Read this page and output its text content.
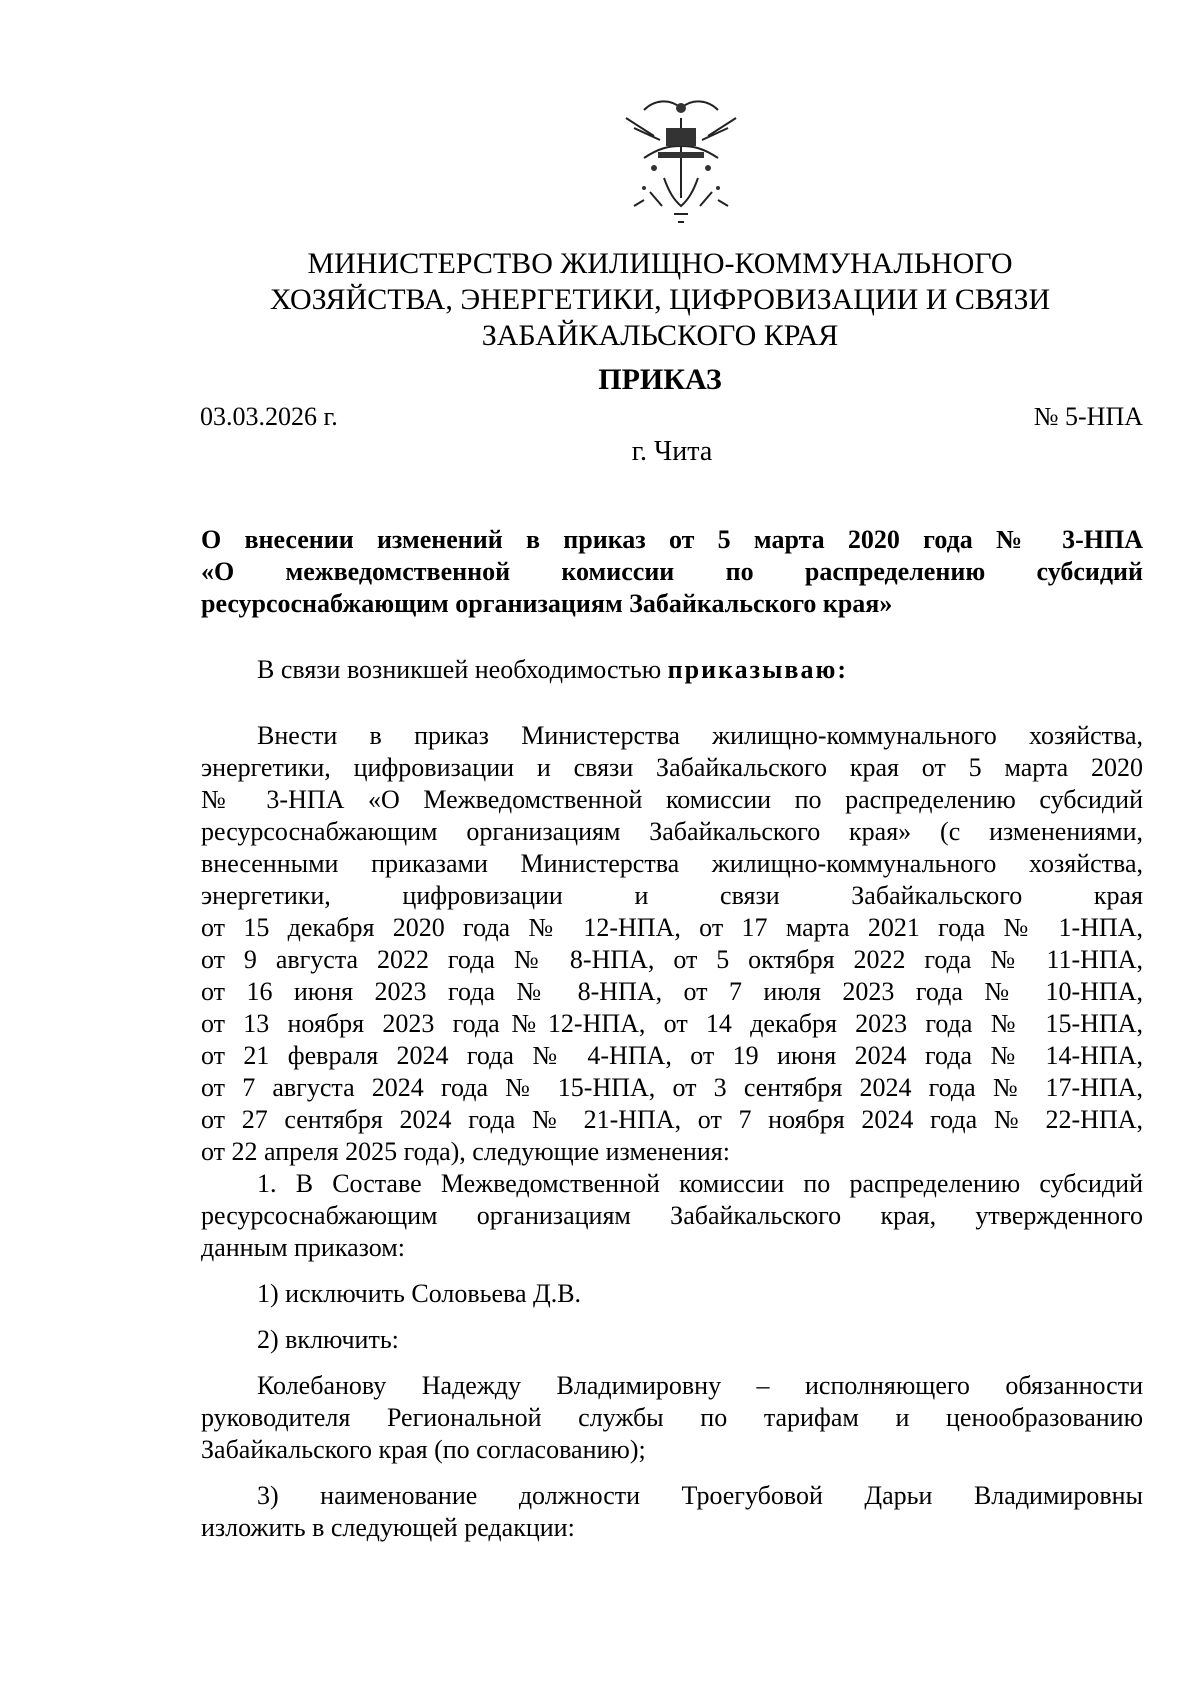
МИНИСТЕРСТВО ЖИЛИЩНО-КОММУНАЛЬНОГО
ХОЗЯЙСТВА, ЭНЕРГЕТИКИ, ЦИФРОВИЗАЦИИ И СВЯЗИ
ЗАБАЙКАЛЬСКОГО КРАЯ
ПРИКАЗ
03.03.2026 г.	№ 5-НПА
г. Чита
О внесении изменений в приказ от 5 марта 2020 года № 3-НПА
«О межведомственной комиссии по распределению субсидий
ресурсоснабжающим организациям Забайкальского края»
В связи возникшей необходимостью приказываю:
Внести в приказ Министерства жилищно-коммунального хозяйства,
энергетики, цифровизации и связи Забайкальского края от 5 марта 2020
№ 3-НПА «О Межведомственной комиссии по распределению субсидий
ресурсоснабжающим организациям Забайкальского края» (с изменениями,
внесенными приказами Министерства жилищно-коммунального хозяйства,
энергетики, цифровизации и связи Забайкальского края
от 15 декабря 2020 года № 12-НПА, от 17 марта 2021 года № 1-НПА,
от 9 августа 2022 года № 8-НПА, от 5 октября 2022 года № 11-НПА,
от 16 июня 2023 года № 8-НПА, от 7 июля 2023 года № 10-НПА,
от 13 ноября 2023 года№12-НПА, от 14 декабря 2023 года № 15-НПА,
от 21 февраля 2024 года № 4-НПА, от 19 июня 2024 года № 14-НПА,
от 7 августа 2024 года № 15-НПА, от 3 сентября 2024 года № 17-НПА,
от 27 сентября 2024 года № 21-НПА, от 7 ноября 2024 года № 22-НПА,
от 22 апреля 2025 года), следующие изменения:
1. В Составе Межведомственной комиссии по распределению субсидий
ресурсоснабжающим организациям Забайкальского края, утвержденного
данным приказом:
1) исключить Соловьева Д.В.
2) включить:
Колебанову Надежду Владимировну – исполняющего обязанности
руководителя Региональной службы по тарифам и ценообразованию
Забайкальского края (по согласованию);
3) наименование должности Троегубовой Дарьи Владимировны
изложить в следующей редакции:
